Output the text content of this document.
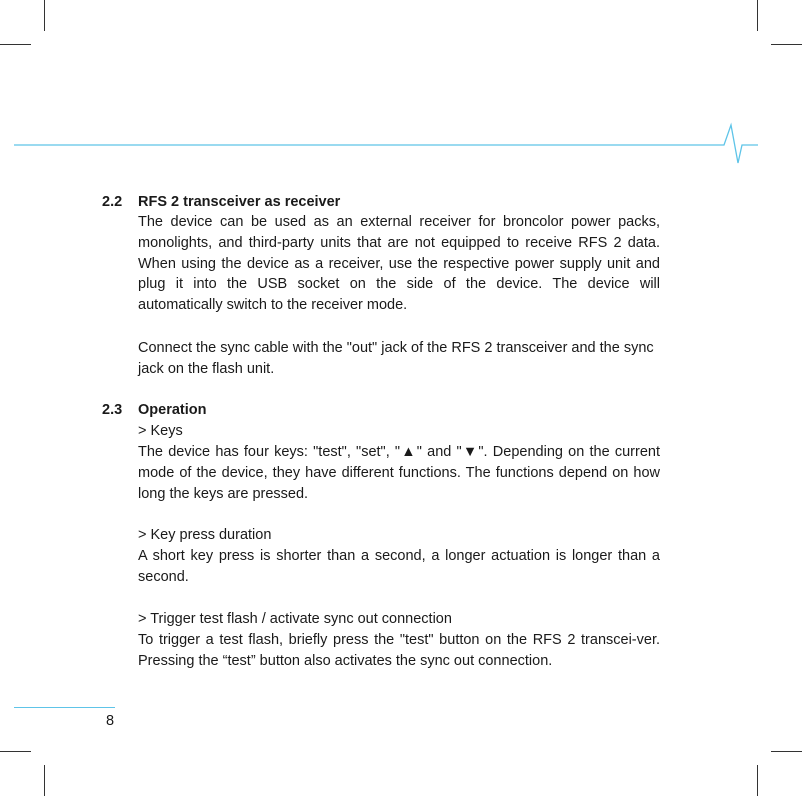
2.2 RFS 2 transceiver as receiver

The device can be used as an external receiver for broncolor power packs, monolights, and third-party units that are not equipped to receive RFS 2 data. When using the device as a receiver, use the respective power supply unit and plug it into the USB socket on the side of the device. The device will automatically switch to the receiver mode.

Connect the sync cable with the "out" jack of the RFS 2 transceiver and the sync jack on the flash unit.

2.3 Operation

> Keys

The device has four keys: "test", "set", "▲" and "▼". Depending on the current mode of the device, they have different functions. The functions depend on how long the keys are pressed.

> Key press duration

A short key press is shorter than a second, a longer actuation is longer than a second.

> Trigger test flash / activate sync out connection

To trigger a test flash, briefly press the "test" button on the RFS 2 transcei-ver. Pressing the “test” button also activates the sync out connection.

8
